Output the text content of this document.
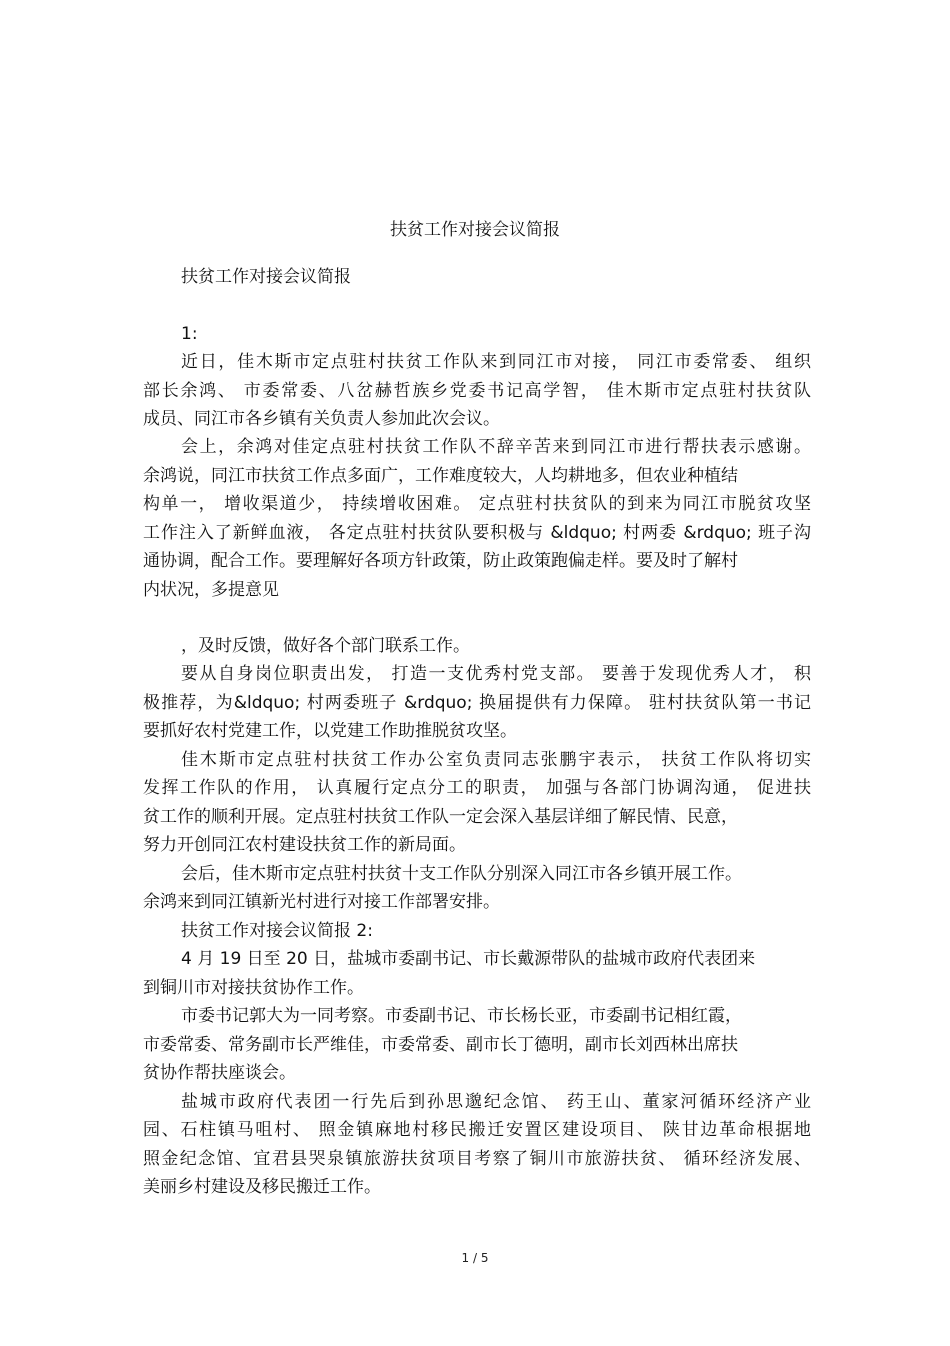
扶贫工作对接会议简报
扶贫工作对接会议简报
1:
近日，佳木斯市定点驻村扶贫工作队来到同江市对接， 同江市委常委、 组织
部长余鸿、 市委常委、八岔赫哲族乡党委书记高学智， 佳木斯市定点驻村扶贫队
成员、同江市各乡镇有关负责人参加此次会议。
会上，余鸿对佳定点驻村扶贫工作队不辞辛苦来到同江市进行帮扶表示感谢。
余鸿说，同江市扶贫工作点多面广，工作难度较大，人均耕地多，但农业种植结
构单一， 增收渠道少， 持续增收困难。 定点驻村扶贫队的到来为同江市脱贫攻坚
工作注入了新鲜血液， 各定点驻村扶贫队要积极与 &ldquo; 村两委 &rdquo; 班子沟
通协调，配合工作。要理解好各项方针政策，防止政策跑偏走样。要及时了解村
内状况，多提意见
，及时反馈，做好各个部门联系工作。
要从自身岗位职责出发， 打造一支优秀村党支部。 要善于发现优秀人才， 积
极推荐，为&ldquo; 村两委班子 &rdquo; 换届提供有力保障。 驻村扶贫队第一书记
要抓好农村党建工作，以党建工作助推脱贫攻坚。
佳木斯市定点驻村扶贫工作办公室负责同志张鹏宇表示， 扶贫工作队将切实
发挥工作队的作用， 认真履行定点分工的职责， 加强与各部门协调沟通， 促进扶
贫工作的顺利开展。定点驻村扶贫工作队一定会深入基层详细了解民情、民意，
努力开创同江农村建设扶贫工作的新局面。
会后，佳木斯市定点驻村扶贫十支工作队分别深入同江市各乡镇开展工作。
余鸿来到同江镇新光村进行对接工作部署安排。
扶贫工作对接会议简报 2:
4 月 19 日至 20 日，盐城市委副书记、市长戴源带队的盐城市政府代表团来
到铜川市对接扶贫协作工作。
市委书记郭大为一同考察。市委副书记、市长杨长亚，市委副书记相红霞，
市委常委、常务副市长严维佳，市委常委、副市长丁德明，副市长刘西林出席扶
贫协作帮扶座谈会。
盐城市政府代表团一行先后到孙思邈纪念馆、 药王山、董家河循环经济产业
园、石柱镇马咀村、 照金镇麻地村移民搬迁安置区建设项目、 陕甘边革命根据地
照金纪念馆、宜君县哭泉镇旅游扶贫项目考察了铜川市旅游扶贫、 循环经济发展、
美丽乡村建设及移民搬迁工作。
1 / 5
